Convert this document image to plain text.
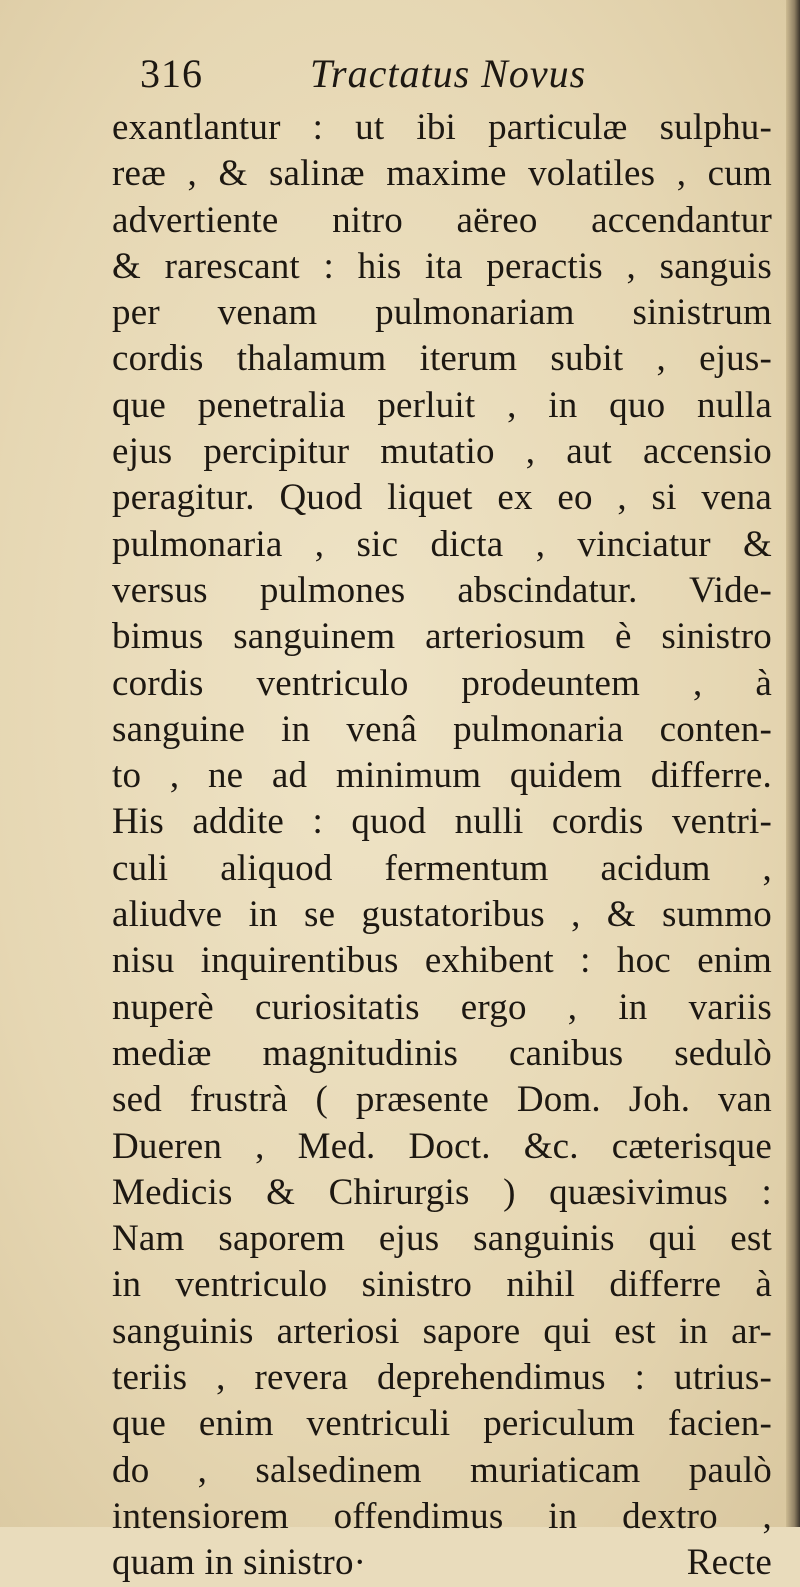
316	Tractatus Novus
exantlantur : ut ibi particulæ sulphu-
reæ , & salinæ maxime volatiles , cum
advertiente nitro aëreo accendantur
& rarescant : his ita peractis , sanguis
per venam pulmonariam sinistrum
cordis thalamum iterum subit , ejus-
que penetralia perluit , in quo nulla
ejus percipitur mutatio , aut accensio
peragitur. Quod liquet ex eo , si vena
pulmonaria , sic dicta , vinciatur &
versus pulmones abscindatur. Vide-
bimus sanguinem arteriosum è sinistro
cordis ventriculo prodeuntem , à
sanguine in venâ pulmonaria conten-
to , ne ad minimum quidem differre.
His addite : quod nulli cordis ventri-
culi aliquod fermentum acidum ,
aliudve in se gustatoribus , & summo
nisu inquirentibus exhibent : hoc enim
nuperè curiositatis ergo , in variis
mediæ magnitudinis canibus sedulò
sed frustrà ( præsente Dom. Joh. van
Dueren , Med. Doct. &c. cæterisque
Medicis & Chirurgis ) quæsivimus :
Nam saporem ejus sanguinis qui est
in ventriculo sinistro nihil differre à
sanguinis arteriosi sapore qui est in ar-
teriis , revera deprehendimus : utrius-
que enim ventriculi periculum facien-
do , salsedinem muriaticam paulò
intensiorem offendimus in dextro ,
quam in sinistro·	Recte
